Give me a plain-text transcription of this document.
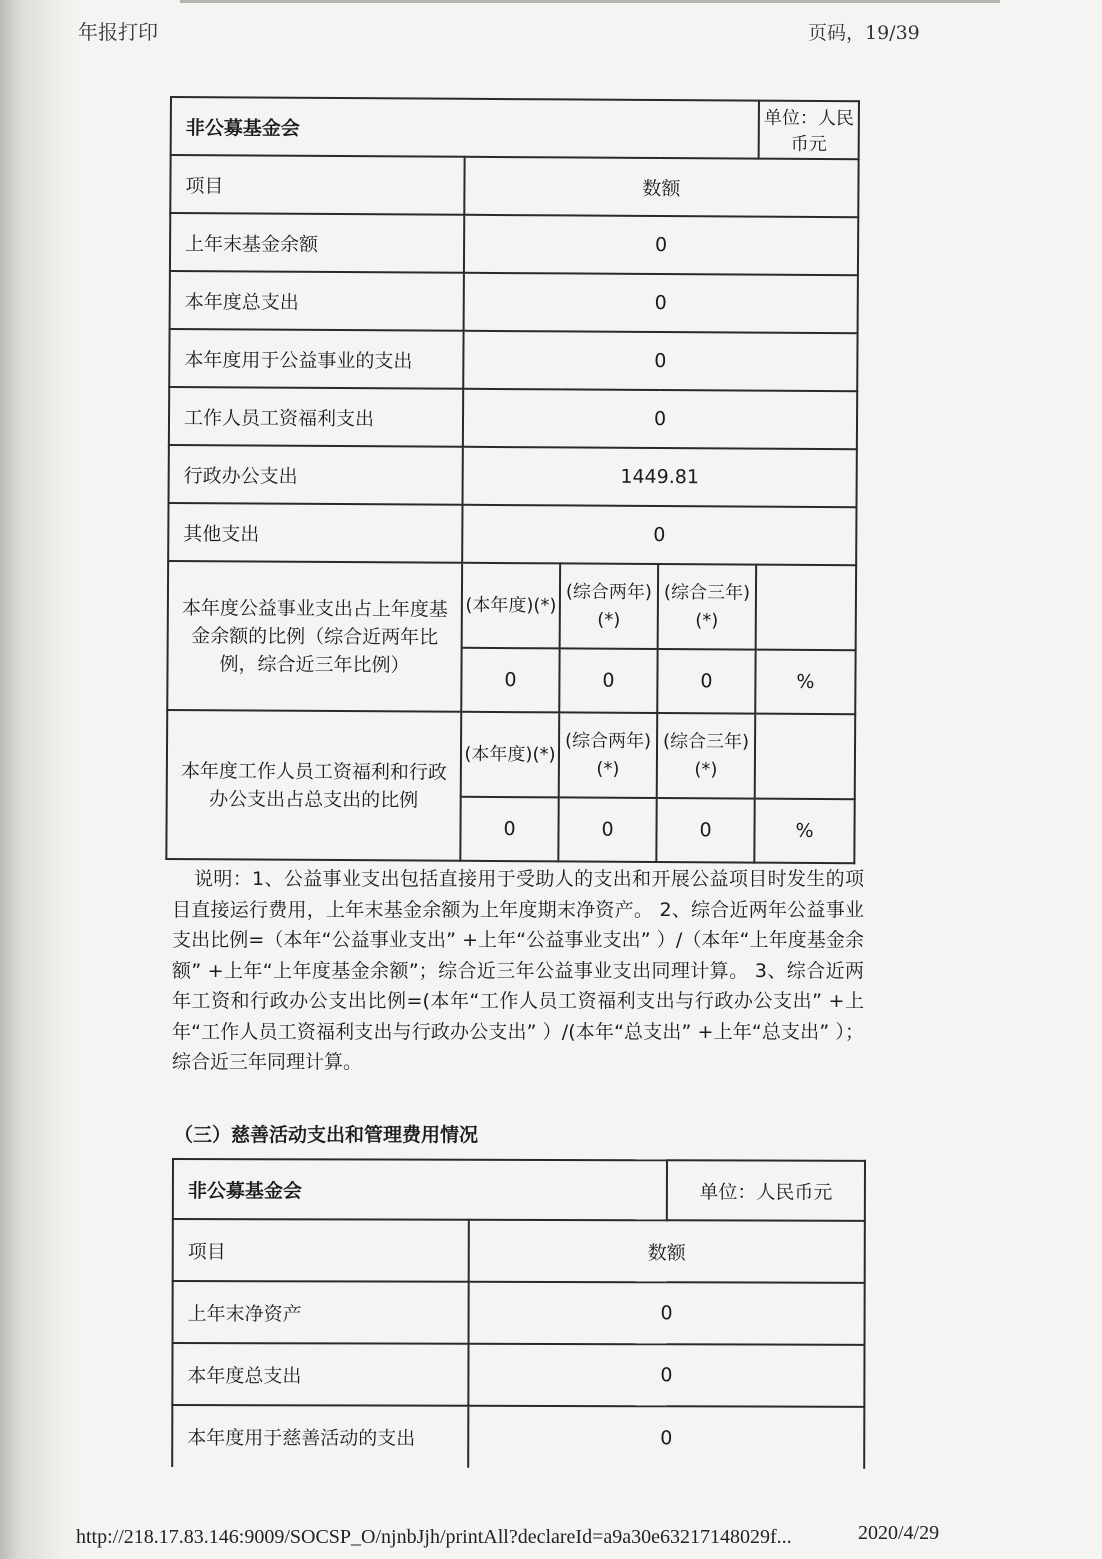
年报打印	页码，19/39
非公募基金会				单位：人民币元
项目	数额			
上年末基金余额	0			
本年度总支出	0			
本年度用于公益事业的支出	0			
工作人员工资福利支出	0			
行政办公支出	1449.81			
其他支出	0			
本年度公益事业支出占上年度基金余额的比例（综合近两年比例，综合近三年比例）	(本年度)(*)	(综合两年)(*)	(综合三年)(*)	
	0	0	0	%
本年度工作人员工资福利和行政办公支出占总支出的比例	(本年度)(*)	(综合两年)(*)	(综合三年)(*)	
	0	0	0	%
说明：1、公益事业支出包括直接用于受助人的支出和开展公益项目时发生的项目直接运行费用，上年末基金余额为上年度期末净资产。 2、综合近两年公益事业支出比例=（本年“公益事业支出” +上年“公益事业支出” ）/（本年“上年度基金余额” +上年“上年度基金余额”；综合近三年公益事业支出同理计算。 3、综合近两年工资和行政办公支出比例=(本年“工作人员工资福利支出与行政办公支出” +上年“工作人员工资福利支出与行政办公支出” ）/(本年“总支出” +上年“总支出” ）；综合近三年同理计算。
（三）慈善活动支出和管理费用情况
非公募基金会		单位：人民币元
项目	数额	
上年末净资产	0	
本年度总支出	0	
本年度用于慈善活动的支出	0	
http://218.17.83.146:9009/SOCSP_O/njnbJjh/printAll?declareId=a9a30e63217148029f...	2020/4/29
